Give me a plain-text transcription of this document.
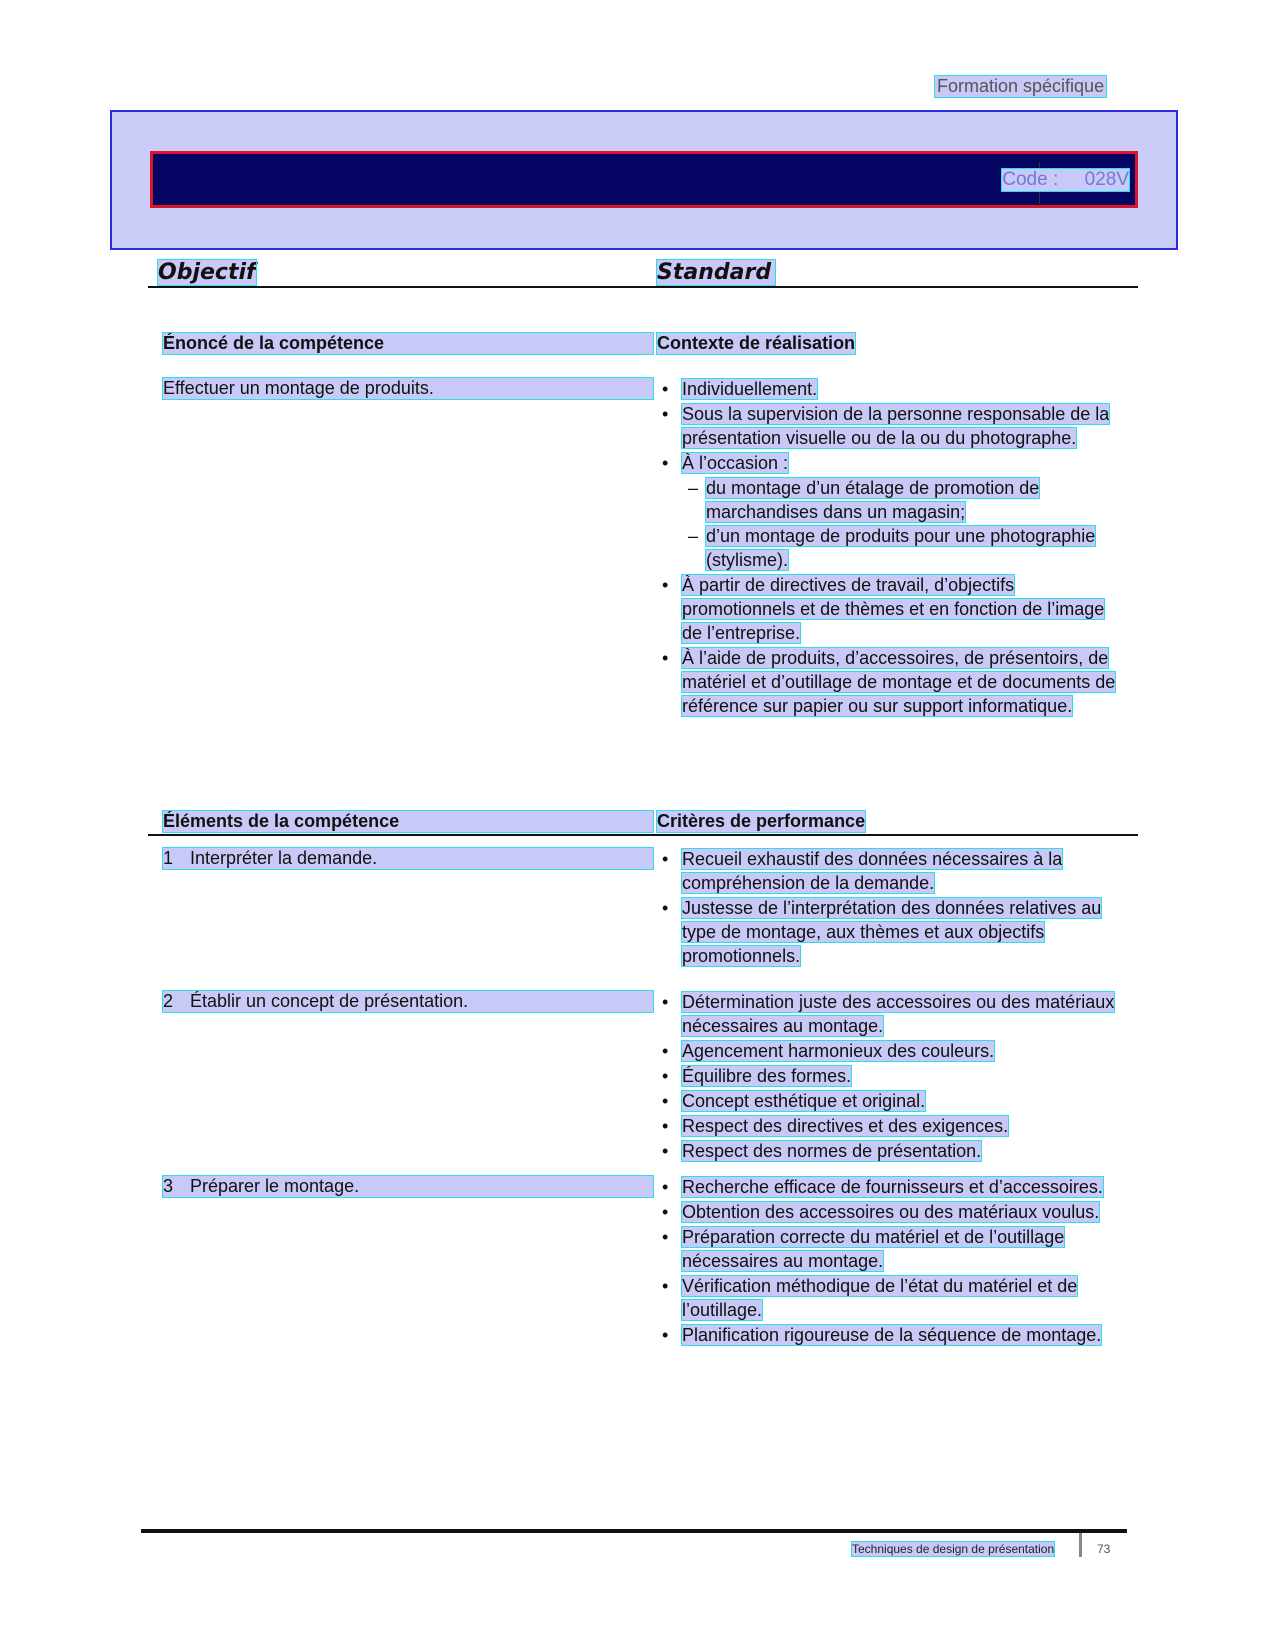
Formation spécifique
Code :     028V
Objectif	Standard
Énoncé de la compétence	Contexte de réalisation
Effectuer un montage de produits.	• Individuellement.
• Sous la supervision de la personne responsable de la présentation visuelle ou de la ou du photographe.
• À l’occasion :
– du montage d’un étalage de promotion de marchandises dans un magasin;
– d’un montage de produits pour une photographie (stylisme).
• À partir de directives de travail, d’objectifs promotionnels et de thèmes et en fonction de l’image de l’entreprise.
• À l’aide de produits, d’accessoires, de présentoirs, de matériel et d’outillage de montage et de documents de référence sur papier ou sur support informatique.
Éléments de la compétence	Critères de performance
1 Interpréter la demande.	• Recueil exhaustif des données nécessaires à la compréhension de la demande.
• Justesse de l’interprétation des données relatives au type de montage, aux thèmes et aux objectifs promotionnels.
2 Établir un concept de présentation.	• Détermination juste des accessoires ou des matériaux nécessaires au montage.
• Agencement harmonieux des couleurs.
• Équilibre des formes.
• Concept esthétique et original.
• Respect des directives et des exigences.
• Respect des normes de présentation.
3 Préparer le montage.	• Recherche efficace de fournisseurs et d’accessoires.
• Obtention des accessoires ou des matériaux voulus.
• Préparation correcte du matériel et de l’outillage nécessaires au montage.
• Vérification méthodique de l’état du matériel et de l’outillage.
• Planification rigoureuse de la séquence de montage.
Techniques de design de présentation	73
